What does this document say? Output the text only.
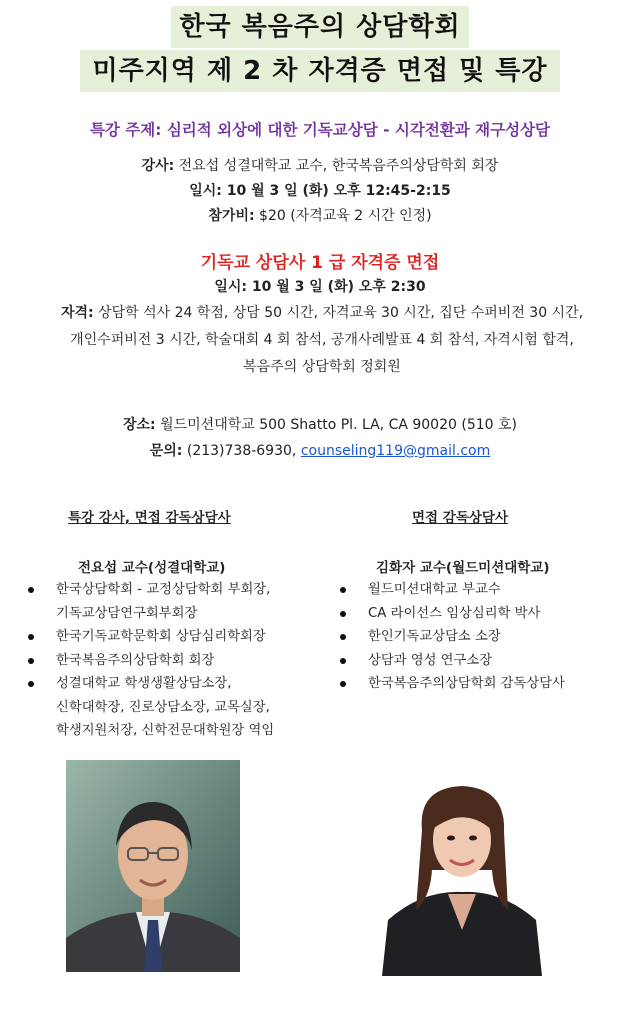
한국 복음주의 상담학회
미주지역 제 2 차 자격증 면접 및 특강
특강 주제: 심리적 외상에 대한 기독교상담 - 시각전환과 재구성상담
강사: 전요섭 성결대학교 교수, 한국복음주의상담학회 회장
일시: 10 월 3 일 (화) 오후 12:45-2:15
참가비: $20 (자격교육 2 시간 인정)
기독교 상담사 1 급 자격증 면접
일시: 10 월 3 일 (화) 오후 2:30
자격: 상담학 석사 24 학점, 상담 50 시간, 자격교육 30 시간, 집단 수퍼비전 30 시간,
개인수퍼비전 3 시간, 학술대회 4 회 참석, 공개사례발표 4 회 참석, 자격시험 합격,
복음주의 상담학회 정회원
장소: 월드미션대학교 500 Shatto Pl. LA, CA 90020 (510 호)
문의: (213)738-6930, counseling119@gmail.com
특강 강사, 면접 감독상담사
전요섭 교수(성결대학교)
한국상담학회 - 교정상담학회 부회장,
기독교상담연구회부회장
한국기독교학문학회 상담심리학회장
한국복음주의상담학회 회장
성결대학교 학생생활상담소장,
신학대학장, 진로상담소장, 교목실장,
학생지원처장, 신학전문대학원장 역임
면접 감독상담사
김화자 교수(월드미션대학교)
월드미션대학교 부교수
CA 라이선스 임상심리학 박사
한인기독교상담소 소장
상담과 영성 연구소장
한국복음주의상담학회 감독상담사
